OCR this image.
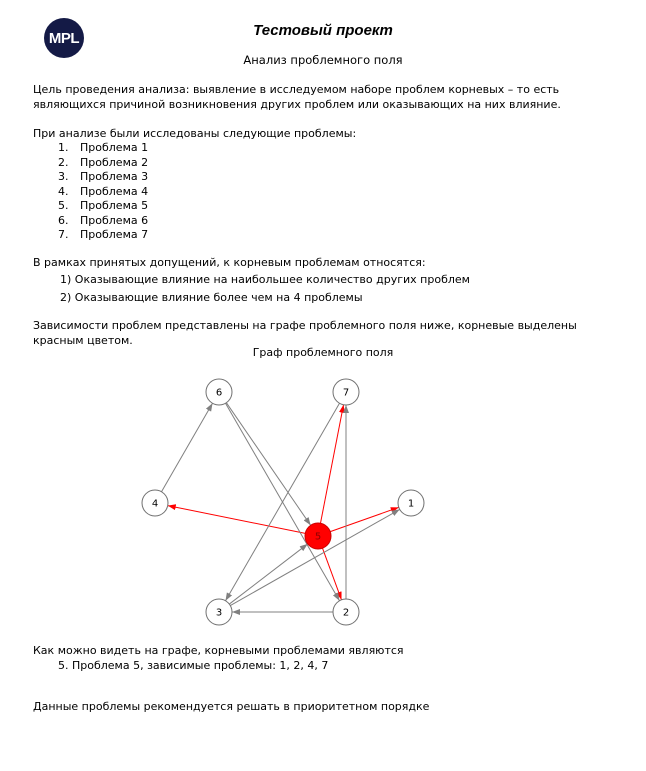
MPL	Тестовый проект
Анализ проблемного поля
Цель проведения анализа: выявление в исследуемом наборе проблем корневых – то есть являющихся причиной возникновения других проблем или оказывающих на них влияние.
При анализе были исследованы следующие проблемы:
1.	Проблема 1
2.	Проблема 2
3.	Проблема 3
4.	Проблема 4
5.	Проблема 5
6.	Проблема 6
7.	Проблема 7
В рамках принятых допущений, к корневым проблемам относятся:
1) Оказывающие влияние на наибольшее количество других проблем
2) Оказывающие влияние более чем на 4 проблемы
Зависимости проблем представлены на графе проблемного поля ниже, корневые выделены красным цветом.
Граф проблемного поля
1
2
3
4
5
6	7
Как можно видеть на графе, корневыми проблемами являются
5. Проблема 5, зависимые проблемы: 1, 2, 4, 7
Данные проблемы рекомендуется решать в приоритетном порядке
